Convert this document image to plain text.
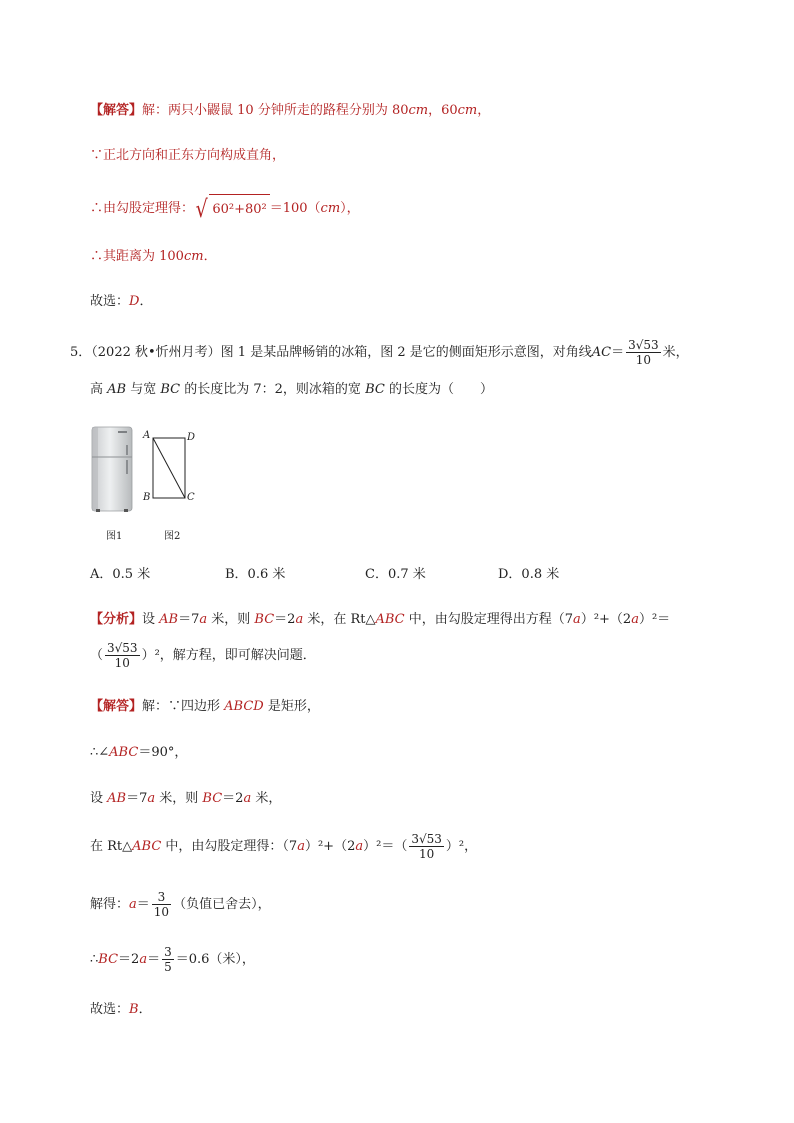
【解答】解：两只小鼹鼠 10 分钟所走的路程分别为 80cm，60cm，
∵正北方向和正东方向构成直角，
∴由勾股定理得：√ 60²+80² ＝100（cm），
∴其距离为 100cm．
故选：D．
5．（2022 秋•忻州月考）图 1 是某品牌畅销的冰箱，图 2 是它的侧面矩形示意图，对角线$AC= \frac{3√53}{10}$ 米，
高 AB 与宽 BC 的长度比为 7：2，则冰箱的宽 BC 的长度为（　　）
A	D
B	C
图1	图2
A．0.5 米	B．0.6 米	C．0.7 米	D．0.8 米
【分析】设 AB＝7a 米，则 BC＝2a 米，在 Rt△ABC 中，由勾股定理得出方程（7a）²+（2a）²＝
（ $\frac{3√53}{10} )^2$，解方程，即可解决问题．
【解答】解：∵四边形 ABCD 是矩形，
∴∠ABC＝90°，
设 AB＝7a 米，则 BC＝2a 米，
在 Rt△ABC 中，由勾股定理得：$(7a)^2+(2a)^2=( \frac{3√53}{10} )^2$，
解得：$a= \frac{3}{10}$ （负值已舍去），
∴BC＝2a＝ $\frac{3}{5} =0.6$（米），
故选：B．
